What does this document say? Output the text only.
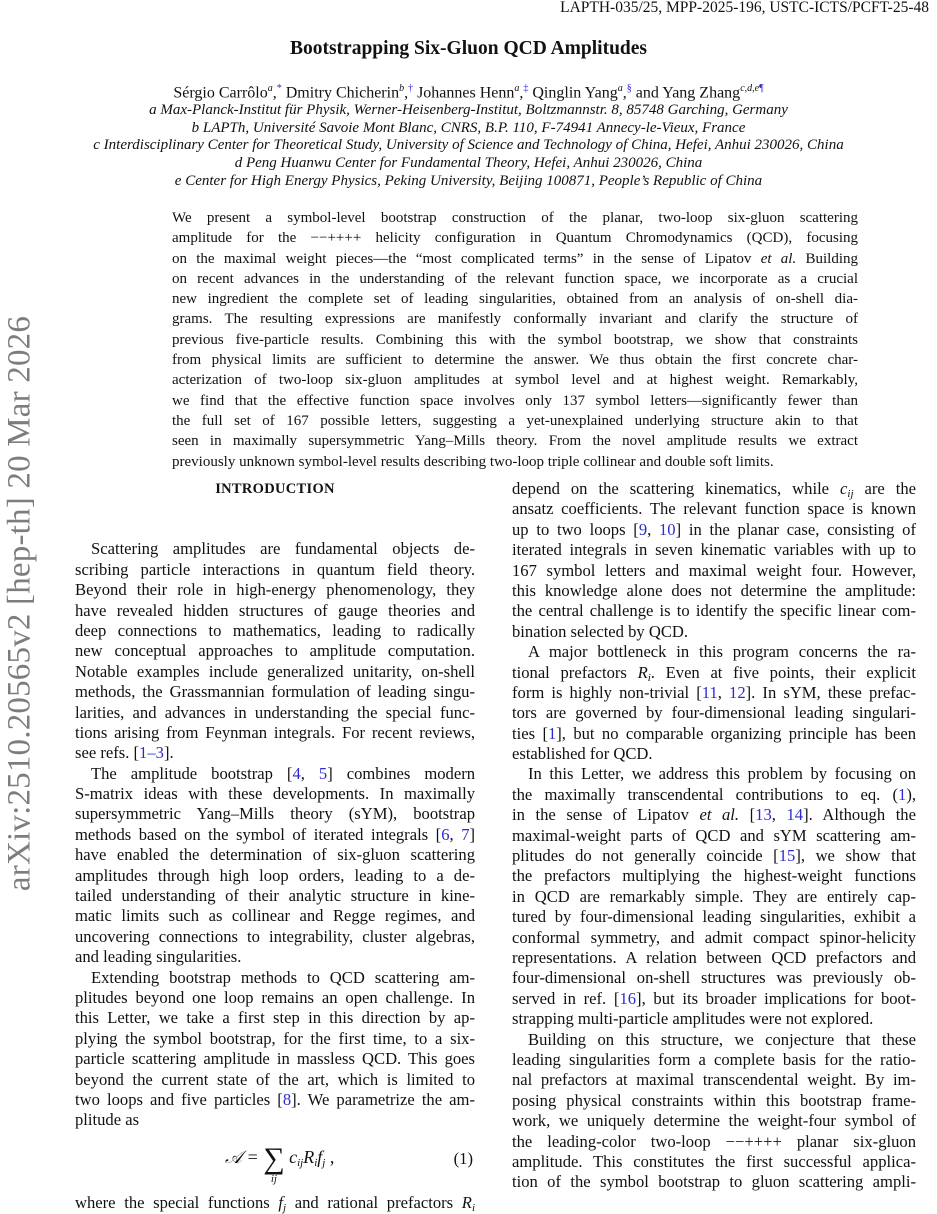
LAPTH-035/25, MPP-2025-196, USTC-ICTS/PCFT-25-48
Bootstrapping Six-Gluon QCD Amplitudes
Sérgio Carrôlo$^a$,* Dmitry Chicherin$^b$,† Johannes Henn$^a$,‡ Qinglin Yang$^a$,§ and Yang Zhang$^{c,d,e\P}$
a Max-Planck-Institut für Physik, Werner-Heisenberg-Institut, Boltzmannstr. 8, 85748 Garching, Germany
b LAPTh, Université Savoie Mont Blanc, CNRS, B.P. 110, F-74941 Annecy-le-Vieux, France
c Interdisciplinary Center for Theoretical Study, University of Science and Technology of China, Hefei, Anhui 230026, China
d Peng Huanwu Center for Fundamental Theory, Hefei, Anhui 230026, China
e Center for High Energy Physics, Peking University, Beijing 100871, People’s Republic of China
We present a symbol-level bootstrap construction of the planar, two-loop six-gluon scattering
amplitude for the −−++++ helicity configuration in Quantum Chromodynamics (QCD), focusing
on the maximal weight pieces—the “most complicated terms” in the sense of Lipatov et al. Building
on recent advances in the understanding of the relevant function space, we incorporate as a crucial
new ingredient the complete set of leading singularities, obtained from an analysis of on-shell dia-
grams. The resulting expressions are manifestly conformally invariant and clarify the structure of
previous five-particle results. Combining this with the symbol bootstrap, we show that constraints
from physical limits are sufficient to determine the answer. We thus obtain the first concrete char-
acterization of two-loop six-gluon amplitudes at symbol level and at highest weight. Remarkably,
we find that the effective function space involves only 137 symbol letters—significantly fewer than
the full set of 167 possible letters, suggesting a yet-unexplained underlying structure akin to that
seen in maximally supersymmetric Yang–Mills theory. From the novel amplitude results we extract
previously unknown symbol-level results describing two-loop triple collinear and double soft limits.
INTRODUCTION
Scattering amplitudes are fundamental objects de-
scribing particle interactions in quantum field theory.
Beyond their role in high-energy phenomenology, they
have revealed hidden structures of gauge theories and
deep connections to mathematics, leading to radically
new conceptual approaches to amplitude computation.
Notable examples include generalized unitarity, on-shell
methods, the Grassmannian formulation of leading singu-
larities, and advances in understanding the special func-
tions arising from Feynman integrals. For recent reviews,
see refs. [1–3].
The amplitude bootstrap [4, 5] combines modern
S-matrix ideas with these developments. In maximally
supersymmetric Yang–Mills theory (sYM), bootstrap
methods based on the symbol of iterated integrals [6, 7]
have enabled the determination of six-gluon scattering
amplitudes through high loop orders, leading to a de-
tailed understanding of their analytic structure in kine-
matic limits such as collinear and Regge regimes, and
uncovering connections to integrability, cluster algebras,
and leading singularities.
Extending bootstrap methods to QCD scattering am-
plitudes beyond one loop remains an open challenge. In
this Letter, we take a first step in this direction by ap-
plying the symbol bootstrap, for the first time, to a six-
particle scattering amplitude in massless QCD. This goes
beyond the current state of the art, which is limited to
two loops and five particles [8]. We parametrize the am-
plitude as
𝒜 = ∑
ij
$c_{ij}R_if_j$ ,	(1)
where the special functions $f_j$ and rational prefactors $R_i$
depend on the scattering kinematics, while $c_{ij}$ are the
ansatz coefficients. The relevant function space is known
up to two loops [9, 10] in the planar case, consisting of
iterated integrals in seven kinematic variables with up to
167 symbol letters and maximal weight four. However,
this knowledge alone does not determine the amplitude:
the central challenge is to identify the specific linear com-
bination selected by QCD.
A major bottleneck in this program concerns the ra-
tional prefactors $R_i$. Even at five points, their explicit
form is highly non-trivial [11, 12]. In sYM, these prefac-
tors are governed by four-dimensional leading singulari-
ties [1], but no comparable organizing principle has been
established for QCD.
In this Letter, we address this problem by focusing on
the maximally transcendental contributions to eq. (1),
in the sense of Lipatov et al. [13, 14]. Although the
maximal-weight parts of QCD and sYM scattering am-
plitudes do not generally coincide [15], we show that
the prefactors multiplying the highest-weight functions
in QCD are remarkably simple. They are entirely cap-
tured by four-dimensional leading singularities, exhibit a
conformal symmetry, and admit compact spinor-helicity
representations. A relation between QCD prefactors and
four-dimensional on-shell structures was previously ob-
served in ref. [16], but its broader implications for boot-
strapping multi-particle amplitudes were not explored.
Building on this structure, we conjecture that these
leading singularities form a complete basis for the ratio-
nal prefactors at maximal transcendental weight. By im-
posing physical constraints within this bootstrap frame-
work, we uniquely determine the weight-four symbol of
the leading-color two-loop −−++++ planar six-gluon
amplitude. This constitutes the first successful applica-
tion of the symbol bootstrap to gluon scattering ampli-
arXiv:2510.20565v2 [hep-th] 20 Mar 2026
